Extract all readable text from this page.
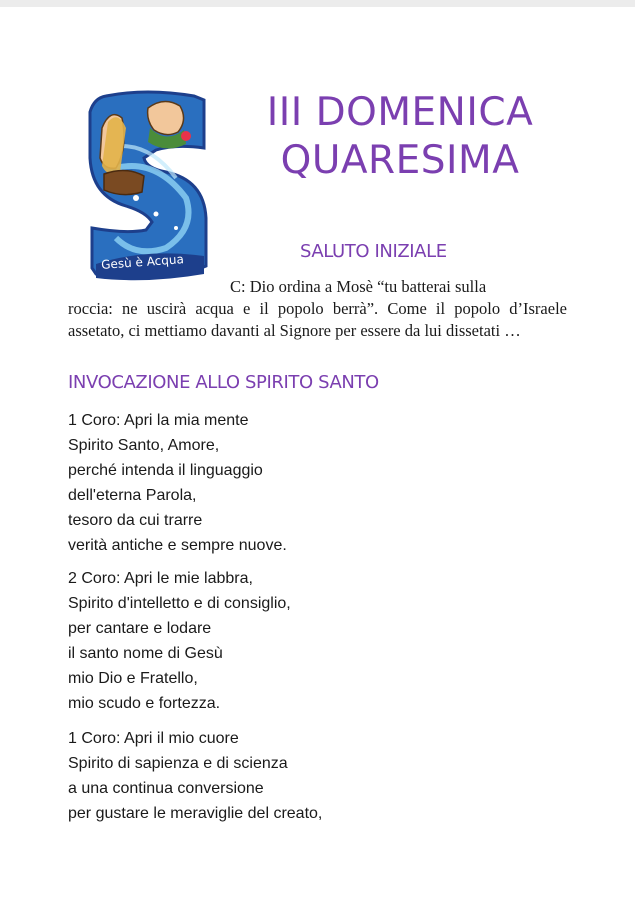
Gesù è Acqua
III DOMENICA
QUARESIMA
SALUTO INIZIALE
C: Dio ordina a Mosè “tu batterai sulla
roccia: ne uscirà acqua e il popolo berrà”. Come il popolo d’Israele assetato, ci mettiamo davanti al Signore per essere da lui dissetati …
INVOCAZIONE ALLO SPIRITO SANTO
1 Coro: Apri la mia mente
Spirito Santo, Amore,
perché intenda il linguaggio
dell'eterna Parola,
tesoro da cui trarre
verità antiche e sempre nuove.
2 Coro: Apri le mie labbra,
Spirito d'intelletto e di consiglio,
per cantare e lodare
il santo nome di Gesù
mio Dio e Fratello,
mio scudo e fortezza.
1 Coro: Apri il mio cuore
Spirito di sapienza e di scienza
a una continua conversione
per gustare le meraviglie del creato,
